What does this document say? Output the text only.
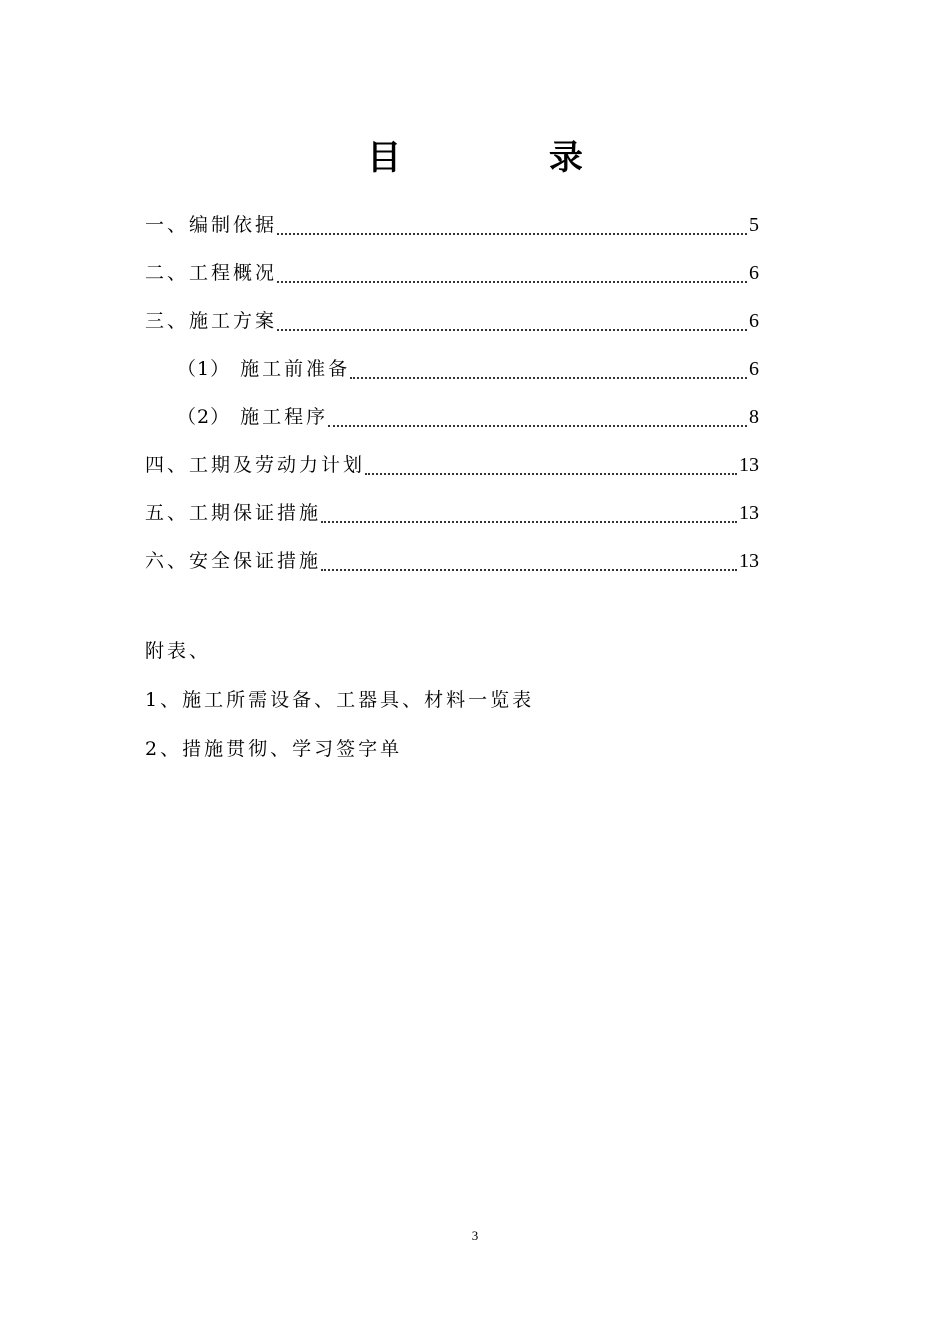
目 录
一、编制依据	5
二、工程概况	6
三、施工方案	6
（1） 施工前准备	6
（2） 施工程序	8
四、工期及劳动力计划	13
五、工期保证措施	13
六、安全保证措施	13
附表、
1、施工所需设备、工器具、材料一览表
2、措施贯彻、学习签字单
3
